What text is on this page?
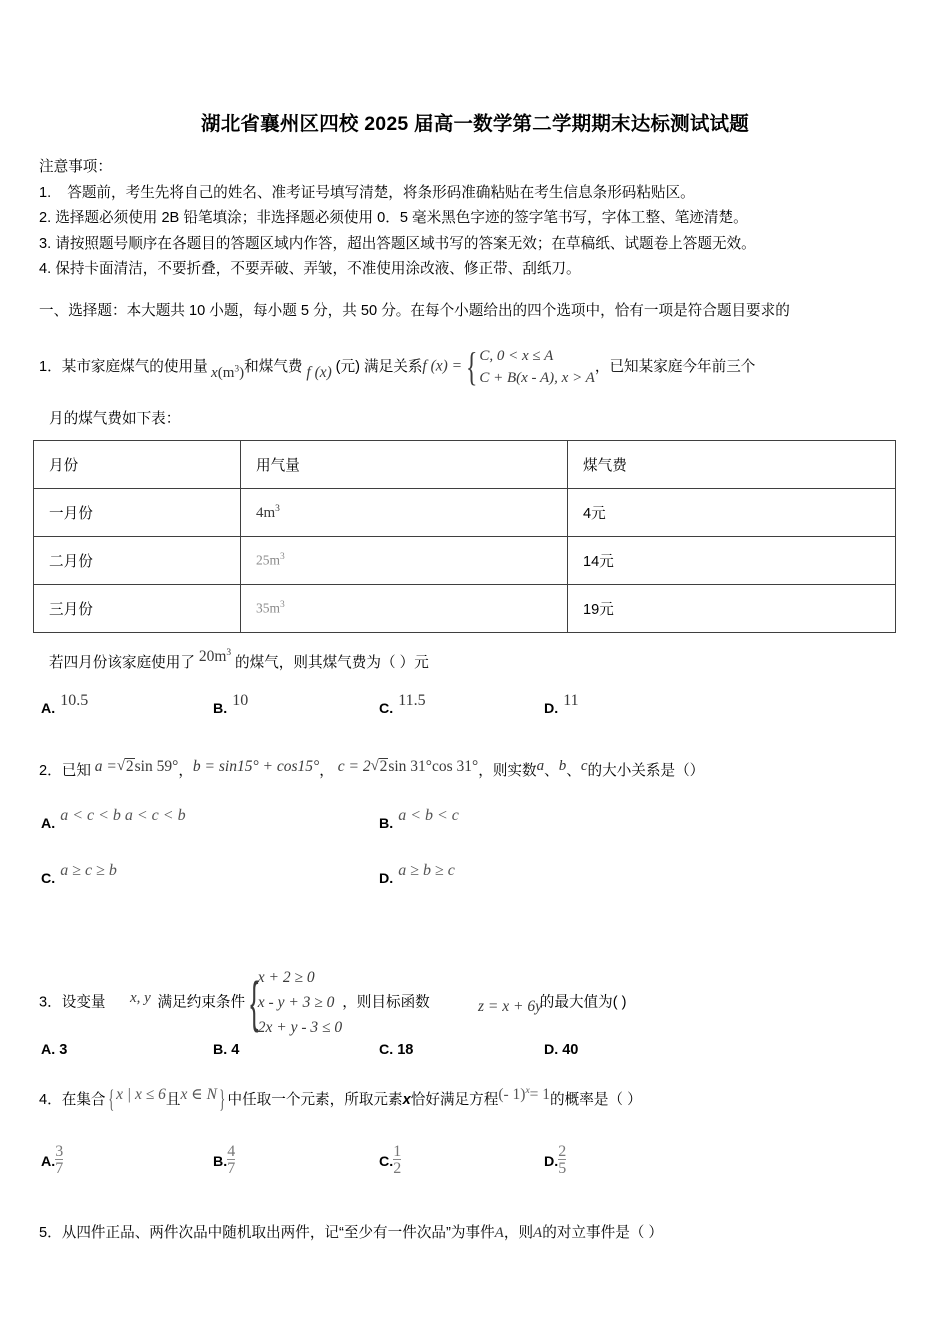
湖北省襄州区四校 2025 届高一数学第二学期期末达标测试试题
注意事项：
1. 答题前，考生先将自己的姓名、准考证号填写清楚，将条形码准确粘贴在考生信息条形码粘贴区。
2. 选择题必须使用 2B 铅笔填涂；非选择题必须使用 0．5 毫米黑色字迹的签字笔书写，字体工整、笔迹清楚。
3. 请按照题号顺序在各题目的答题区域内作答，超出答题区域书写的答案无效；在草稿纸、试题卷上答题无效。
4. 保持卡面清洁，不要折叠，不要弄破、弄皱，不准使用涂改液、修正带、刮纸刀。
一、选择题：本大题共 10 小题，每小题 5 分，共 50 分。在每个小题给出的四个选项中，恰有一项是符合题目要求的
1．某市家庭煤气的使用量 $x(m^3)$和煤气费 f (x) (元) 满足关系f (x) ={ C, 0 < x ≤ A
C + B(x - A), x > A
，已知某家庭今年前三个
月的煤气费如下表：
月份	用气量	煤气费
一月份	$4m^3$	4元
二月份	$25m^3$	14元
三月份	$35m^3$	19元
若四月份该家庭使用了 $20m^3$ 的煤气，则其煤气费为（ ）元
A. 10.5	B. 10	C. 11.5	D. 11
2．已知 a = √ 2sin 59°，b = sin15° + cos15°， c = 2 √ 2sin 31°cos 31°，则实数a、b、c的大小关系是（）
A. a < c < b a < c < b	B. a < b < c
C. a ≥ c ≥ b	D. a ≥ b ≥ c
3．设变量	满足约束条件{ x + 2 ≥ 0
x - y + 3 ≥ 0
2x + y - 3 ≤ 0
，则目标函数	的最大值为( )
x, y	z = x + 6y
A. 3	B. 4	C. 18	D. 40
4．在集合 { x | x ≤ 6且x ∈ N } 中任取一个元素，所取元素x恰好满足方程(- 1)$^x$= 1的概率是（ ）
$A.\frac{3}{7}$	$B.\frac{4}{7}$	$C.\frac{1}{2}$	$D.\frac{2}{5}$
5．从四件正品、两件次品中随机取出两件，记“至少有一件次品”为事件A，则A的对立事件是（ ）
